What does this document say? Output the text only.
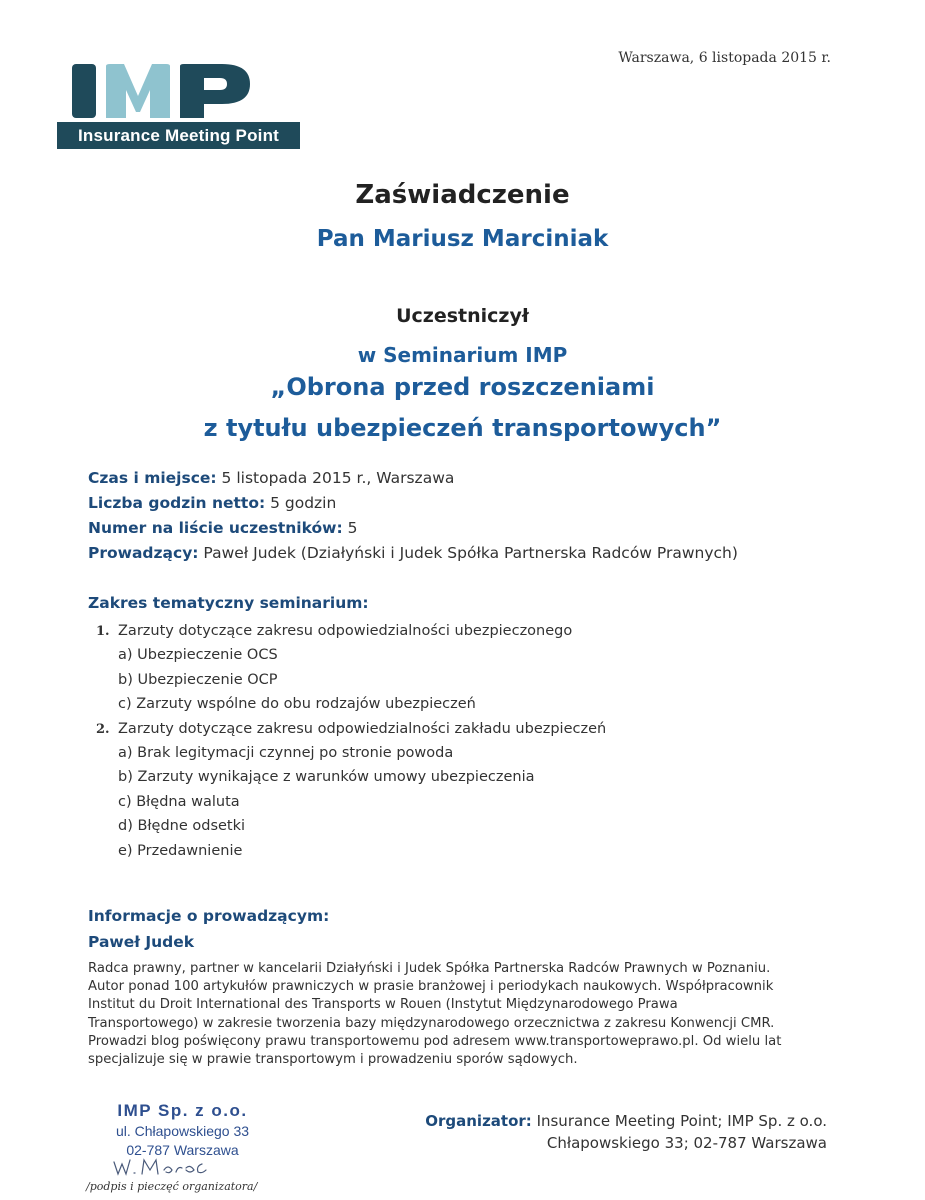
Warszawa, 6 listopada 2015 r.
Insurance Meeting Point
Zaświadczenie
Pan Mariusz Marciniak
Uczestniczył
w Seminarium IMP
„Obrona przed roszczeniami
z tytułu ubezpieczeń transportowych”
Czas i miejsce: 5 listopada 2015 r., Warszawa
Liczba godzin netto: 5 godzin
Numer na liście uczestników: 5
Prowadzący: Paweł Judek (Działyński i Judek Spółka Partnerska Radców Prawnych)
Zakres tematyczny seminarium:
1. Zarzuty dotyczące zakresu odpowiedzialności ubezpieczonego
a) Ubezpieczenie OCS
b) Ubezpieczenie OCP
c) Zarzuty wspólne do obu rodzajów ubezpieczeń
2. Zarzuty dotyczące zakresu odpowiedzialności zakładu ubezpieczeń
a) Brak legitymacji czynnej po stronie powoda
b) Zarzuty wynikające z warunków umowy ubezpieczenia
c) Błędna waluta
d) Błędne odsetki
e) Przedawnienie
Informacje o prowadzącym:
Paweł Judek
Radca prawny, partner w kancelarii Działyński i Judek Spółka Partnerska Radców Prawnych w Poznaniu.
Autor ponad 100 artykułów prawniczych w prasie branżowej i periodykach naukowych. Współpracownik
Institut du Droit International des Transports w Rouen (Instytut Międzynarodowego Prawa
Transportowego) w zakresie tworzenia bazy międzynarodowego orzecznictwa z zakresu Konwencji CMR.
Prowadzi blog poświęcony prawu transportowemu pod adresem www.transportoweprawo.pl. Od wielu lat
specjalizuje się w prawie transportowym i prowadzeniu sporów sądowych.
IMP Sp. z o.o.
ul. Chłapowskiego 33
02-787 Warszawa
/podpis i pieczęć organizatora/
Organizator: Insurance Meeting Point; IMP Sp. z o.o.
Chłapowskiego 33; 02-787 Warszawa
